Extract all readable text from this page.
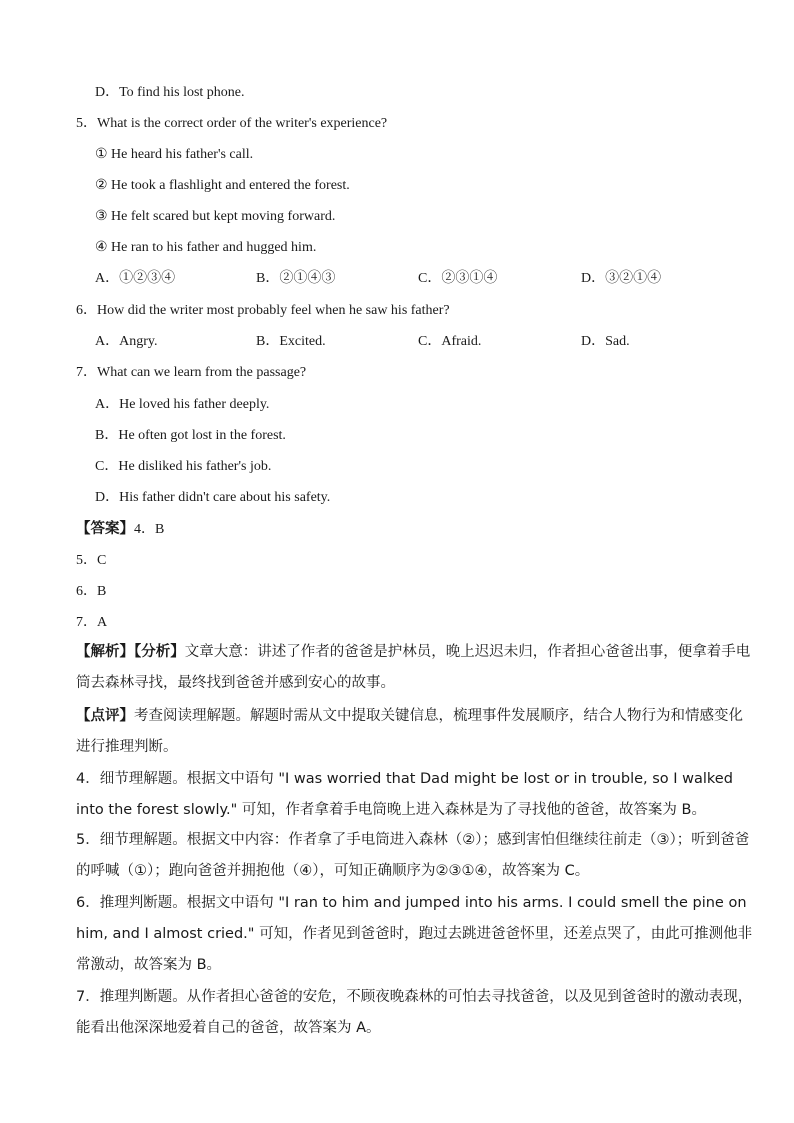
D．To find his lost phone.
5．What is the correct order of the writer's experience?
① He heard his father's call.
② He took a flashlight and entered the forest.
③ He felt scared but kept moving forward.
④ He ran to his father and hugged him.
A．①②③④	B．②①④③	C．②③①④	D．③②①④
6．How did the writer most probably feel when he saw his father?
A．Angry.	B．Excited.	C．Afraid.	D．Sad.
7．What can we learn from the passage?
A．He loved his father deeply.
B．He often got lost in the forest.
C．He disliked his father's job.
D．His father didn't care about his safety.
【答案】4．B
5．C
6．B
7．A
【解析】【分析】文章大意：讲述了作者的爸爸是护林员，晚上迟迟未归，作者担心爸爸出事，便拿着手电筒去森林寻找，最终找到爸爸并感到安心的故事。
【点评】考查阅读理解题。解题时需从文中提取关键信息，梳理事件发展顺序，结合人物行为和情感变化进行推理判断。
4．细节理解题。根据文中语句 "I was worried that Dad might be lost or in trouble, so I walked into the forest slowly." 可知，作者拿着手电筒晚上进入森林是为了寻找他的爸爸，故答案为 B。
5．细节理解题。根据文中内容：作者拿了手电筒进入森林（②）；感到害怕但继续往前走（③）；听到爸爸的呼喊（①）；跑向爸爸并拥抱他（④），可知正确顺序为②③①④，故答案为 C。
6．推理判断题。根据文中语句 "I ran to him and jumped into his arms. I could smell the pine on him, and I almost cried." 可知，作者见到爸爸时，跑过去跳进爸爸怀里，还差点哭了，由此可推测他非常激动，故答案为 B。
7．推理判断题。从作者担心爸爸的安危，不顾夜晚森林的可怕去寻找爸爸，以及见到爸爸时的激动表现，能看出他深深地爱着自己的爸爸，故答案为 A。
